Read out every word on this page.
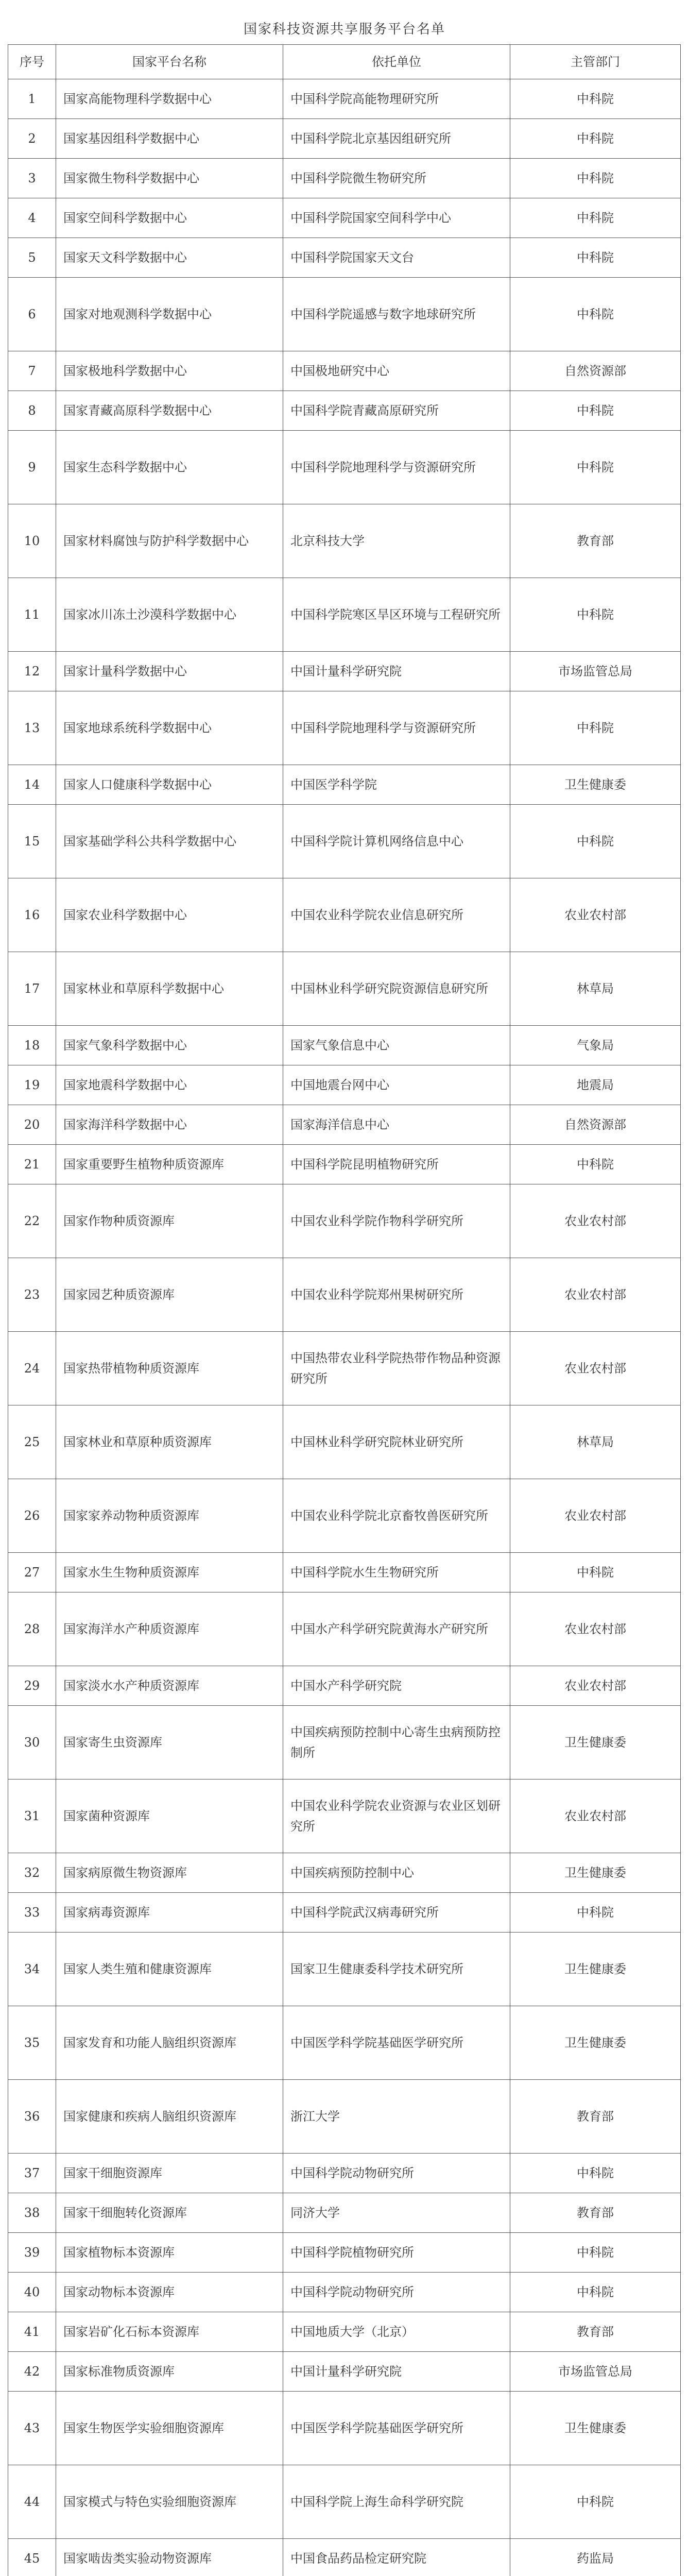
国家科技资源共享服务平台名单
序号	国家平台名称	依托单位	主管部门
1	国家高能物理科学数据中心	中国科学院高能物理研究所	中科院
2	国家基因组科学数据中心	中国科学院北京基因组研究所	中科院
3	国家微生物科学数据中心	中国科学院微生物研究所	中科院
4	国家空间科学数据中心	中国科学院国家空间科学中心	中科院
5	国家天文科学数据中心	中国科学院国家天文台	中科院
6	国家对地观测科学数据中心	中国科学院遥感与数字地球研究所	中科院
7	国家极地科学数据中心	中国极地研究中心	自然资源部
8	国家青藏高原科学数据中心	中国科学院青藏高原研究所	中科院
9	国家生态科学数据中心	中国科学院地理科学与资源研究所	中科院
10	国家材料腐蚀与防护科学数据中心	北京科技大学	教育部
11	国家冰川冻土沙漠科学数据中心	中国科学院寒区旱区环境与工程研究所	中科院
12	国家计量科学数据中心	中国计量科学研究院	市场监管总局
13	国家地球系统科学数据中心	中国科学院地理科学与资源研究所	中科院
14	国家人口健康科学数据中心	中国医学科学院	卫生健康委
15	国家基础学科公共科学数据中心	中国科学院计算机网络信息中心	中科院
16	国家农业科学数据中心	中国农业科学院农业信息研究所	农业农村部
17	国家林业和草原科学数据中心	中国林业科学研究院资源信息研究所	林草局
18	国家气象科学数据中心	国家气象信息中心	气象局
19	国家地震科学数据中心	中国地震台网中心	地震局
20	国家海洋科学数据中心	国家海洋信息中心	自然资源部
21	国家重要野生植物种质资源库	中国科学院昆明植物研究所	中科院
22	国家作物种质资源库	中国农业科学院作物科学研究所	农业农村部
23	国家园艺种质资源库	中国农业科学院郑州果树研究所	农业农村部
24	国家热带植物种质资源库	中国热带农业科学院热带作物品种资源研究所	农业农村部
25	国家林业和草原种质资源库	中国林业科学研究院林业研究所	林草局
26	国家家养动物种质资源库	中国农业科学院北京畜牧兽医研究所	农业农村部
27	国家水生生物种质资源库	中国科学院水生生物研究所	中科院
28	国家海洋水产种质资源库	中国水产科学研究院黄海水产研究所	农业农村部
29	国家淡水水产种质资源库	中国水产科学研究院	农业农村部
30	国家寄生虫资源库	中国疾病预防控制中心寄生虫病预防控制所	卫生健康委
31	国家菌种资源库	中国农业科学院农业资源与农业区划研究所	农业农村部
32	国家病原微生物资源库	中国疾病预防控制中心	卫生健康委
33	国家病毒资源库	中国科学院武汉病毒研究所	中科院
34	国家人类生殖和健康资源库	国家卫生健康委科学技术研究所	卫生健康委
35	国家发育和功能人脑组织资源库	中国医学科学院基础医学研究所	卫生健康委
36	国家健康和疾病人脑组织资源库	浙江大学	教育部
37	国家干细胞资源库	中国科学院动物研究所	中科院
38	国家干细胞转化资源库	同济大学	教育部
39	国家植物标本资源库	中国科学院植物研究所	中科院
40	国家动物标本资源库	中国科学院动物研究所	中科院
41	国家岩矿化石标本资源库	中国地质大学（北京）	教育部
42	国家标准物质资源库	中国计量科学研究院	市场监管总局
43	国家生物医学实验细胞资源库	中国医学科学院基础医学研究所	卫生健康委
44	国家模式与特色实验细胞资源库	中国科学院上海生命科学研究院	中科院
45	国家啮齿类实验动物资源库	中国食品药品检定研究院	药监局
